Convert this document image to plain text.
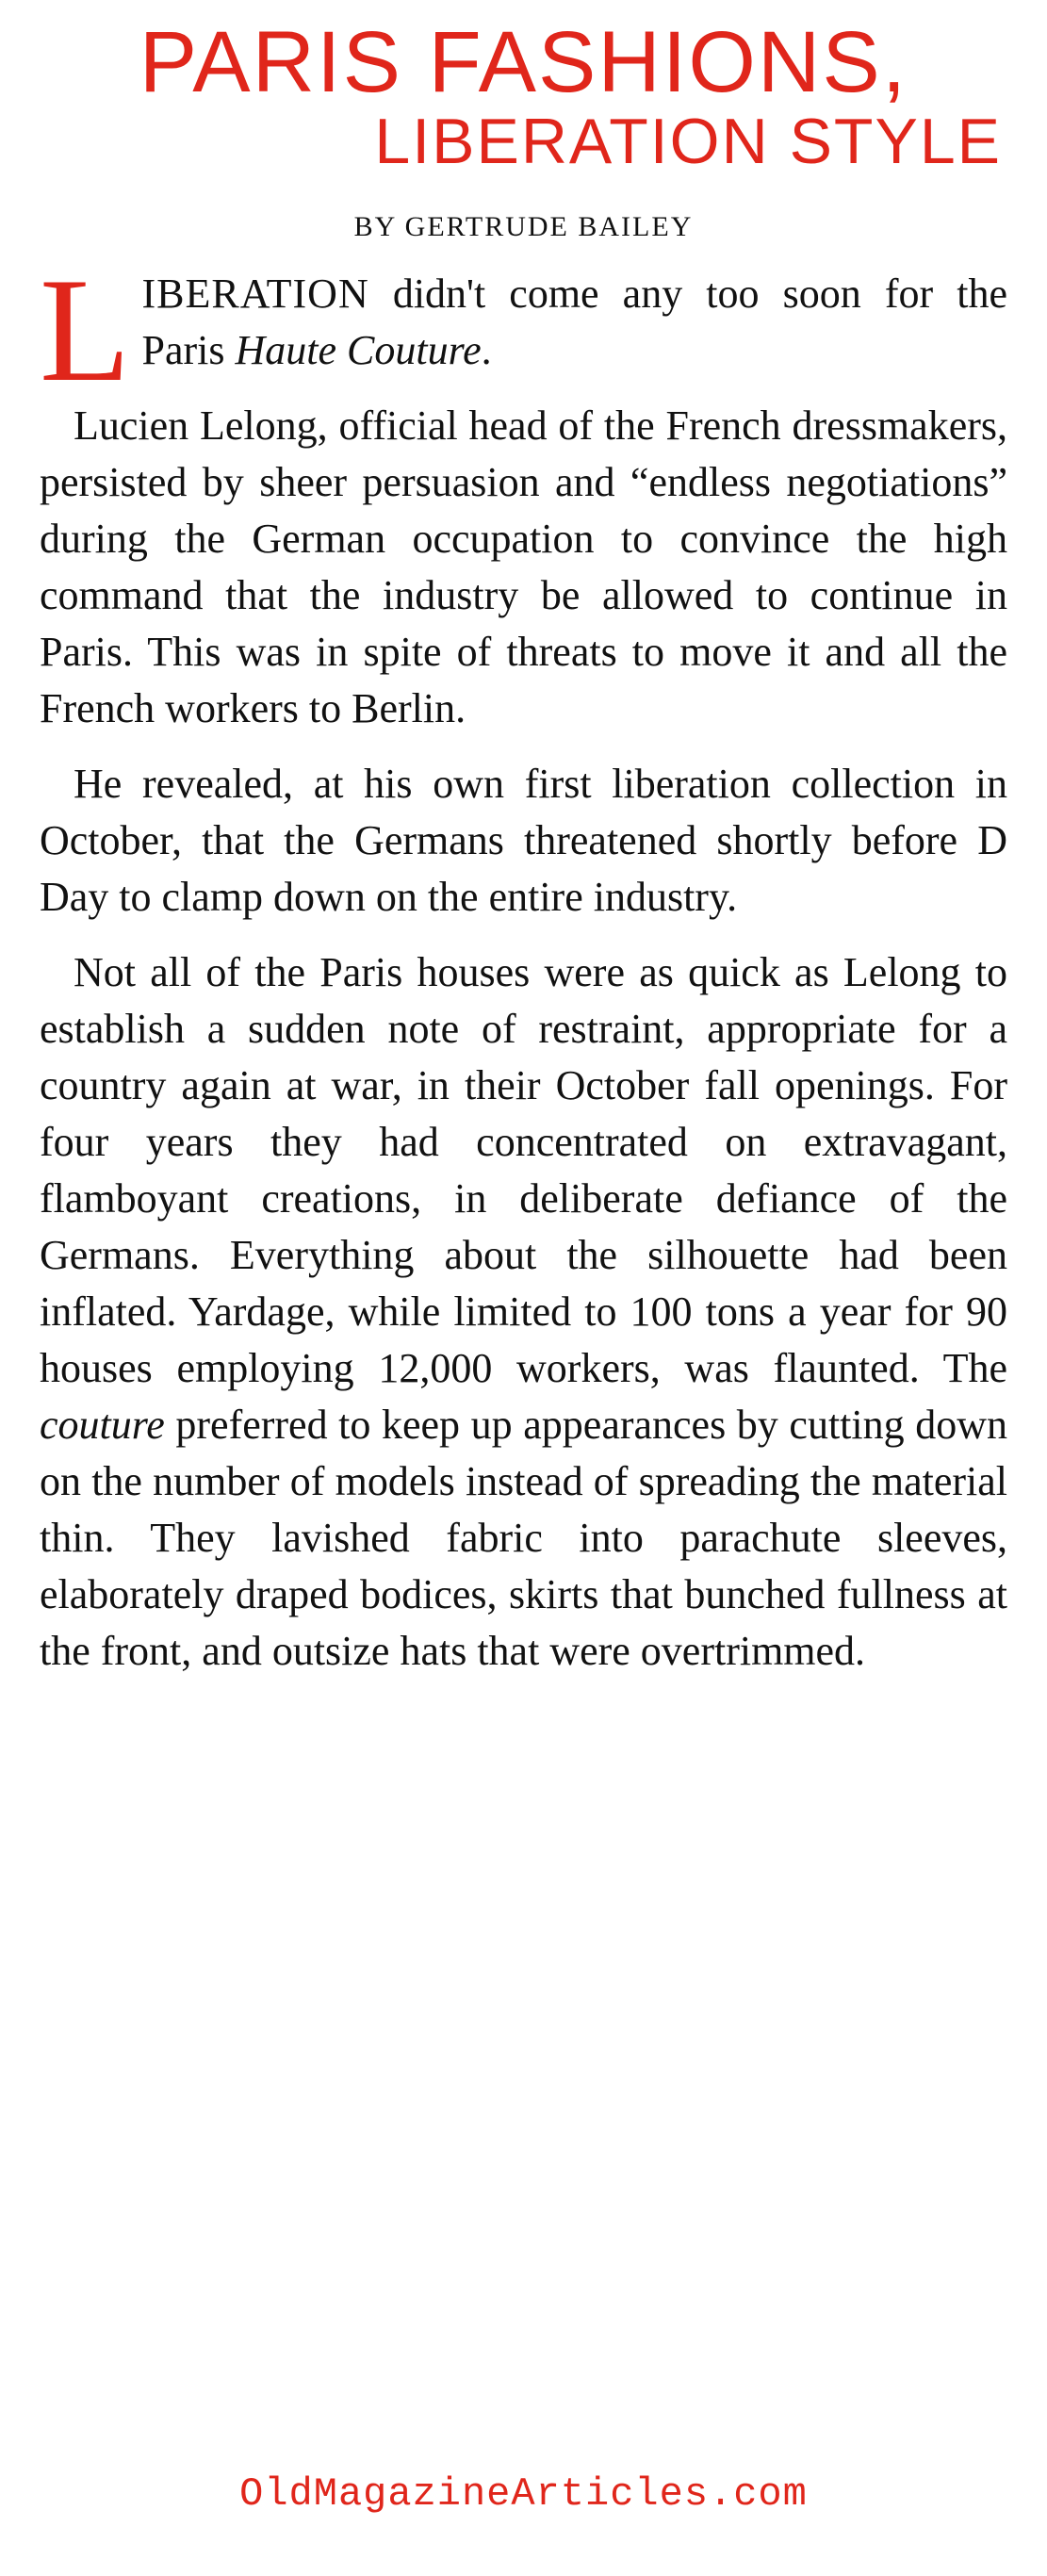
PARIS FASHIONS,
LIBERATION STYLE
BY GERTRUDE BAILEY

LIBERATION didn't come any too soon for the Paris Haute Couture.

Lucien Lelong, official head of the French dressmakers, persisted by sheer persuasion and “endless negotiations” during the German occupation to convince the high command that the industry be allowed to continue in Paris. This was in spite of threats to move it and all the French workers to Berlin.

He revealed, at his own first liberation collection in October, that the Germans threatened shortly before D Day to clamp down on the entire industry.

Not all of the Paris houses were as quick as Lelong to establish a sudden note of restraint, appropriate for a country again at war, in their October fall openings. For four years they had concentrated on extravagant, flamboyant creations, in deliberate defiance of the Germans. Everything about the silhouette had been inflated. Yardage, while limited to 100 tons a year for 90 houses employing 12,000 workers, was flaunted. The couture preferred to keep up appearances by cutting down on the number of models instead of spreading the material thin. They lavished fabric into parachute sleeves, elaborately draped bodices, skirts that bunched fullness at the front, and outsize hats that were overtrimmed.

OldMagazineArticles.com
